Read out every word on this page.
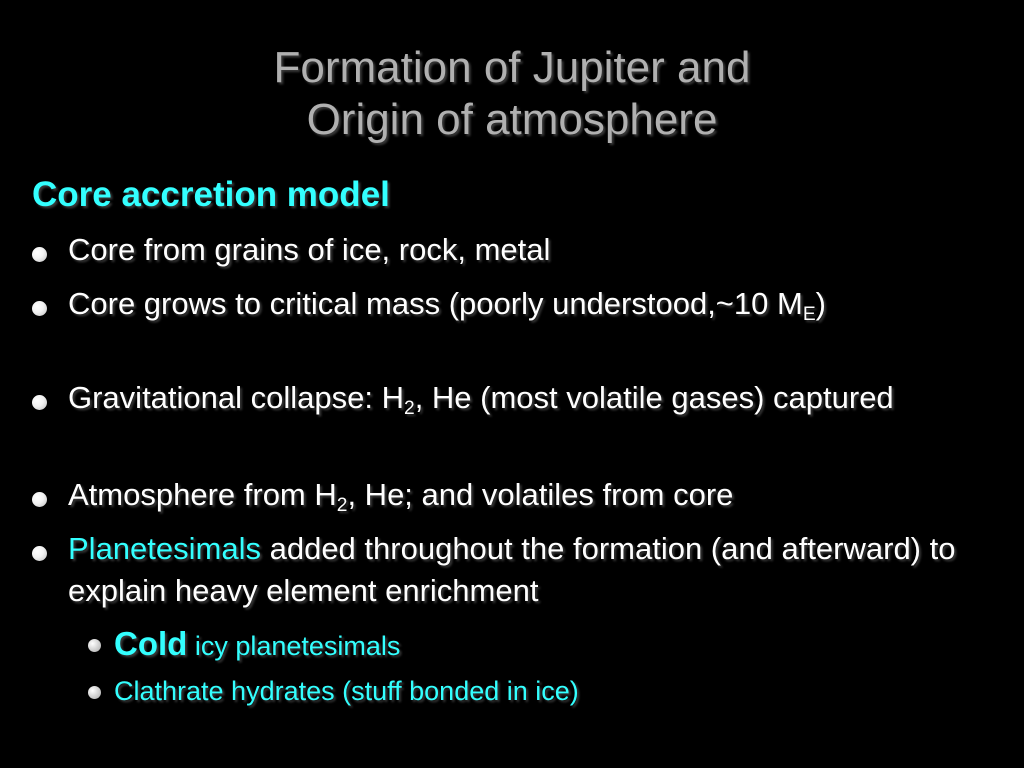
Formation of Jupiter and
Origin of atmosphere
Core accretion model
Core from grains of ice, rock, metal
Core grows to critical mass (poorly understood,~10 $M_E$)
Gravitational collapse: $H_2$, He (most volatile gases) captured
Atmosphere from $H_2$, He; and volatiles from core
Planetesimals added throughout the formation (and afterward) to explain heavy element enrichment
Cold icy planetesimals
Clathrate hydrates (stuff bonded in ice)
